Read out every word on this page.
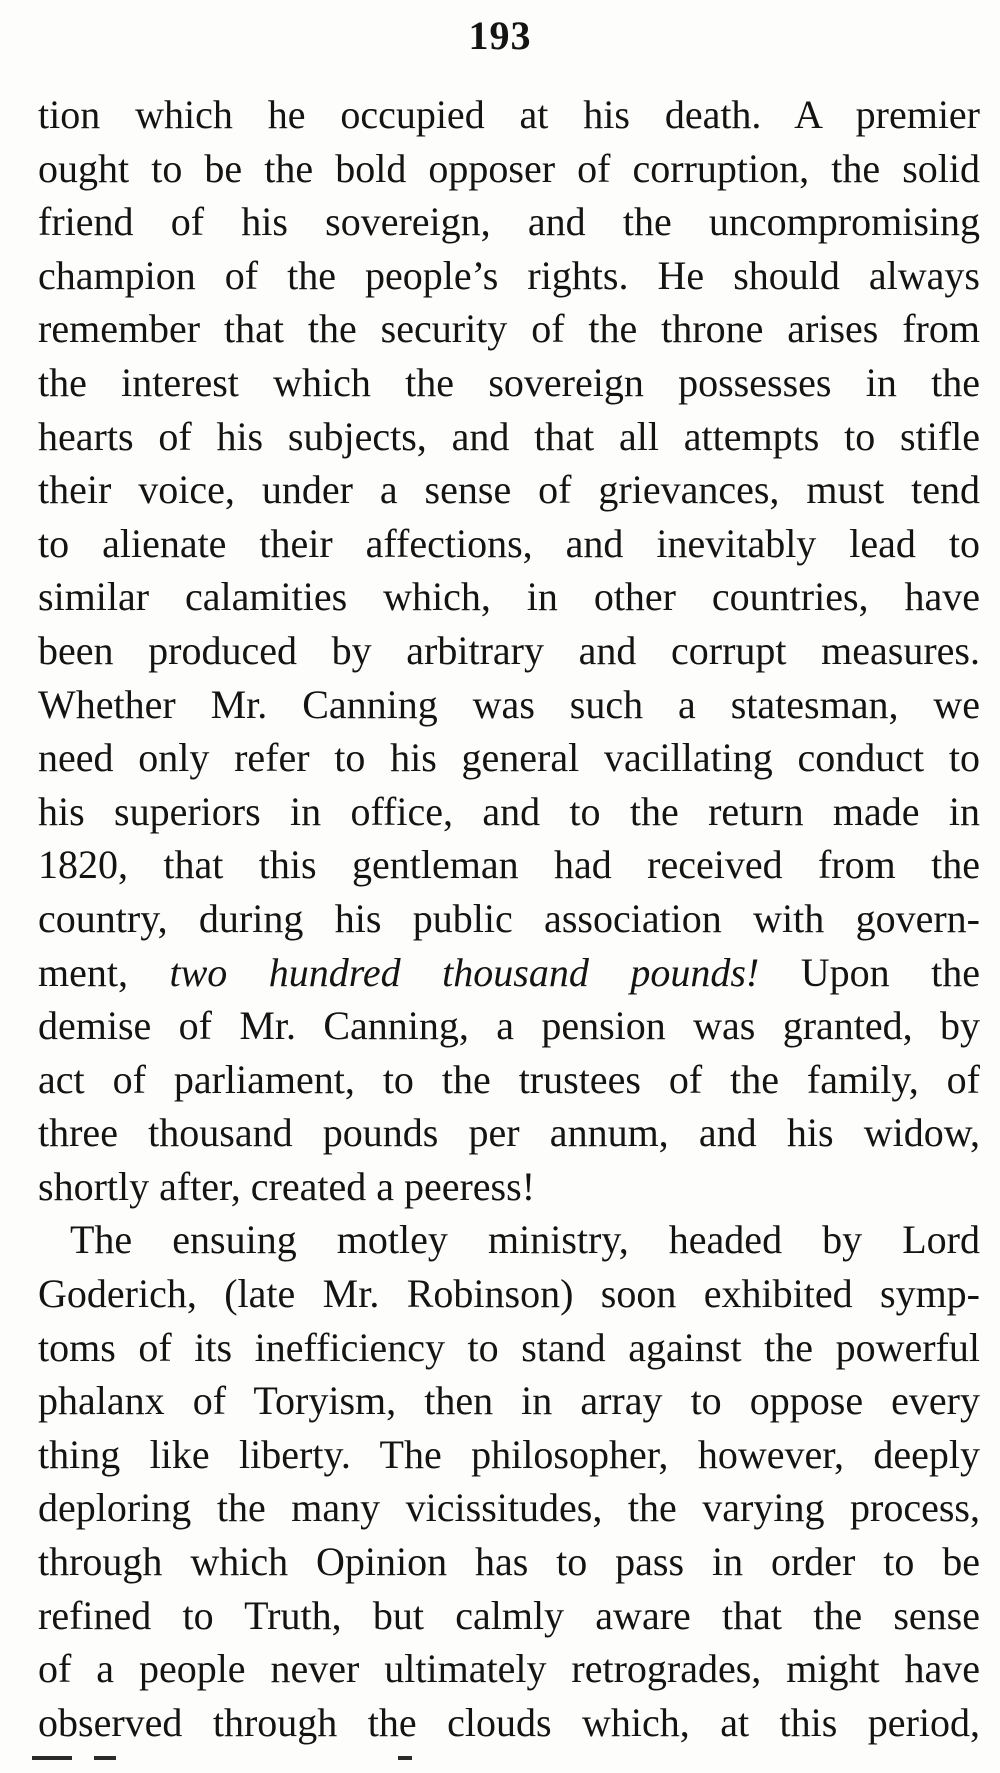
193
tion which he occupied at his death. A premier
ought to be the bold opposer of corruption, the solid
friend of his sovereign, and the uncompromising
champion of the people’s rights. He should always
remember that the security of the throne arises from
the interest which the sovereign possesses in the
hearts of his subjects, and that all attempts to stifle
their voice, under a sense of grievances, must tend
to alienate their affections, and inevitably lead to
similar calamities which, in other countries, have
been produced by arbitrary and corrupt measures.
Whether Mr. Canning was such a statesman, we
need only refer to his general vacillating conduct to
his superiors in office, and to the return made in
1820, that this gentleman had received from the
country, during his public association with govern-
ment, two hundred thousand pounds! Upon the
demise of Mr. Canning, a pension was granted, by
act of parliament, to the trustees of the family, of
three thousand pounds per annum, and his widow,
shortly after, created a peeress!
The ensuing motley ministry, headed by Lord
Goderich, (late Mr. Robinson) soon exhibited symp-
toms of its inefficiency to stand against the powerful
phalanx of Toryism, then in array to oppose every
thing like liberty. The philosopher, however, deeply
deploring the many vicissitudes, the varying process,
through which Opinion has to pass in order to be
refined to Truth, but calmly aware that the sense
of a people never ultimately retrogrades, might have
observed through the clouds which, at this period,
